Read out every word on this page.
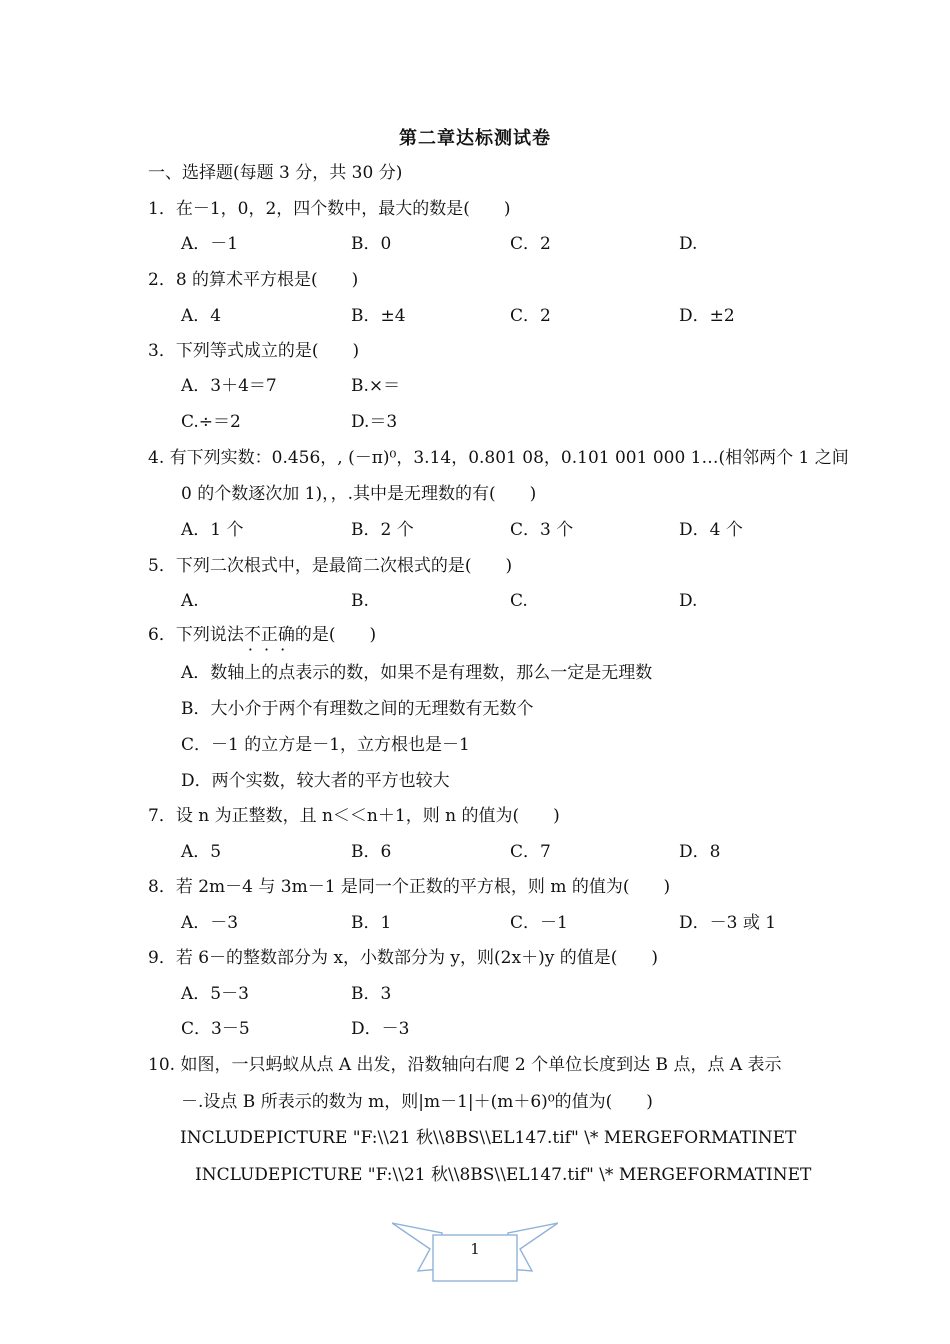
第二章达标测试卷
一、选择题(每题 3 分，共 30 分)
1．在－1，0，2，四个数中，最大的数是(　　)
A．－1	B．0	C．2	D.
2．8 的算术平方根是(　　)
A．4	B．±4	C．2	D．±2
3．下列等式成立的是(　　)
A．3＋4＝7	B.×＝
C.÷＝2	D.＝3
4. 有下列实数：0.456，, (－π)⁰，3.14，0.801 08，0.101 001 000 1…(相邻两个 1 之间
0 的个数逐次加 1)，，.其中是无理数的有(　　)
A．1 个	B．2 个	C．3 个	D．4 个
5．下列二次根式中，是最简二次根式的是(　　)
A.	B.	C.	D.
6．下列说法不正确 · · ·的是(　　)
A．数轴上的点表示的数，如果不是有理数，那么一定是无理数
B．大小介于两个有理数之间的无理数有无数个
C．－1 的立方是－1，立方根也是－1
D．两个实数，较大者的平方也较大
7．设 n 为正整数，且 n＜＜n＋1，则 n 的值为(　　)
A．5	B．6	C．7	D．8
8．若 2m－4 与 3m－1 是同一个正数的平方根，则 m 的值为(　　)
A．－3	B．1	C．－1	D．－3 或 1
9．若 6－的整数部分为 x，小数部分为 y，则(2x＋)y 的值是(　　)
A．5－3	B．3
C．3－5	D．－3
10. 如图，一只蚂蚁从点 A 出发，沿数轴向右爬 2 个单位长度到达 B 点，点 A 表示
－.设点 B 所表示的数为 m，则|m－1|＋(m＋6)⁰的值为(　　)
INCLUDEPICTURE "F:\\21 秋\\8BS\\EL147.tif" \* MERGEFORMATINET
INCLUDEPICTURE "F:\\21 秋\\8BS\\EL147.tif" \* MERGEFORMATINET
1
